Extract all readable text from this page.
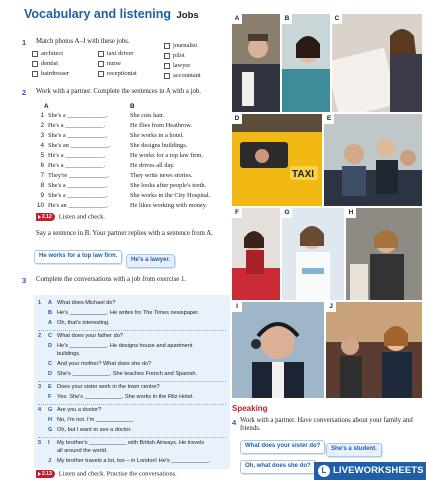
Vocabulary and listening Jobs
1 Match photos A–J with these jobs.
architect
dentist
hairdresser
taxi driver
nurse
receptionist
journalist
pilot
lawyer
accountant
2 Work with a partner. Complete the sentences in A with a job.
A	B
1 She's a ____________.	She cuts hair.
2 He's a ____________.	He flies from Heathrow.
3 She's a ____________.	She works in a hotel.
4 She's an ____________.	She designs buildings.
5 He's a ____________.	He works for a top law firm.
6 He's a ____________.	He drives all day.
7 They're ____________.	They write news stories.
8 She's a ____________.	She looks after people's teeth.
9 She's a ____________.	She works in the City Hospital.
10 He's an ____________.	He likes working with money.
2.12 Listen and check.
Say a sentence in B. Your partner replies with a sentence from A.
He works for a top law firm.
He's a lawyer.
3 Complete the conversations with a job from exercise 1.
1	A What does Michael do?
B He's ____________. He writes for The Times newspaper.
A Oh, that's interesting.
2	C What does your father do?
D He's ____________. He designs house and apartment
buildings.
C And your mother? What does she do?
D She's ____________. She teaches French and Spanish.
3	E Does your sister work in the town centre?
F Yes. She's ____________. She works in the Ritz Hotel.
4	G Are you a doctor?
H No, I'm not. I'm ____________.
G Oh, but I want to see a doctor.
5	I My brother's ____________ with British Airways. He travels
all around the world.
J My brother travels a lot, too – in London! He's ____________.
2.13 Listen and check. Practise the conversations.
A	B	C
TAXI
D	E
F	G	H
I	J
Speaking
4 Work with a partner. Have conversations about your family and friends.
What does your sister do?	She's a student.
Oh, what does she do?	L LIVEWORKSHEETS
